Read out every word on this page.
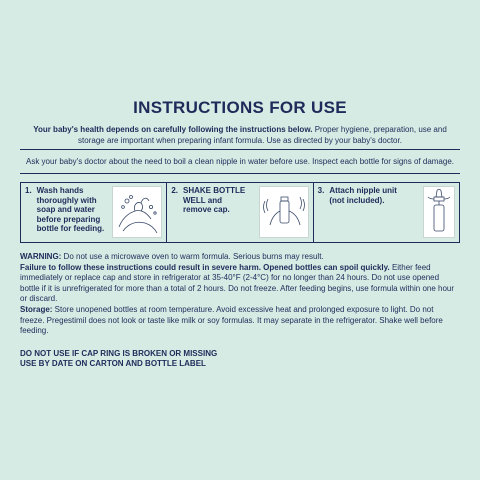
INSTRUCTIONS FOR USE
Your baby's health depends on carefully following the instructions below. Proper hygiene, preparation, use and storage are important when preparing infant formula. Use as directed by your baby's doctor.
Ask your baby's doctor about the need to boil a clean nipple in water before use. Inspect each bottle for signs of damage.
1. Wash hands thoroughly with soap and water before preparing bottle for feeding.
2. SHAKE BOTTLE WELL and remove cap.
3. Attach nipple unit (not included).
WARNING: Do not use a microwave oven to warm formula. Serious burns may result.
Failure to follow these instructions could result in severe harm. Opened bottles can spoil quickly. Either feed immediately or replace cap and store in refrigerator at 35-40°F (2-4°C) for no longer than 24 hours. Do not use opened bottle if it is unrefrigerated for more than a total of 2 hours. Do not freeze. After feeding begins, use formula within one hour or discard.
Storage: Store unopened bottles at room temperature. Avoid excessive heat and prolonged exposure to light. Do not freeze. Pregestimil does not look or taste like milk or soy formulas. It may separate in the refrigerator. Shake well before feeding.
DO NOT USE IF CAP RING IS BROKEN OR MISSING
USE BY DATE ON CARTON AND BOTTLE LABEL
